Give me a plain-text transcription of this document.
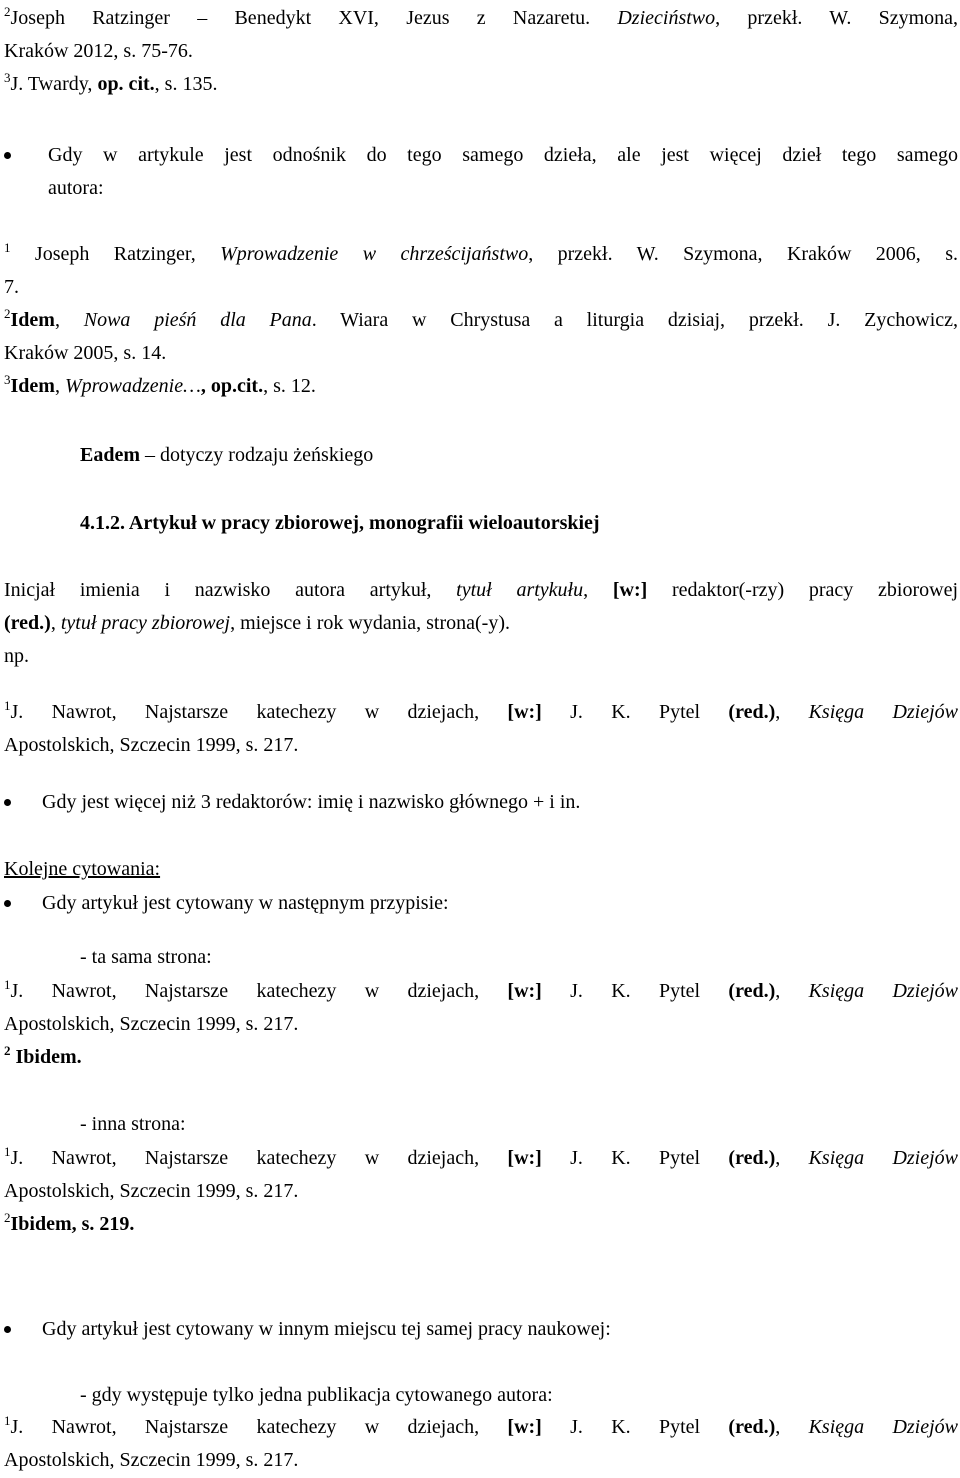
$^2$Joseph Ratzinger – Benedykt XVI, Jezus z Nazaretu. Dzieciństwo, przekł. W. Szymona,

Kraków 2012, s. 75-76.

$^3$J. Twardy, op. cit., s. 135.

Gdy w artykule jest odnośnik do tego samego dzieła, ale jest więcej dzieł tego samego

autora:

$^1$ Joseph Ratzinger, Wprowadzenie w chrześcijaństwo, przekł. W. Szymona, Kraków 2006, s.

7.

$^2$Idem, Nowa pieśń dla Pana. Wiara w Chrystusa a liturgia dzisiaj, przekł. J. Zychowicz,

Kraków 2005, s. 14.

$^3$Idem, Wprowadzenie…, op.cit., s. 12.

Eadem – dotyczy rodzaju żeńskiego

4.1.2. Artykuł w pracy zbiorowej, monografii wieloautorskiej

Inicjał imienia i nazwisko autora artykuł, tytuł artykułu, [w:] redaktor(-rzy) pracy zbiorowej

(red.), tytuł pracy zbiorowej, miejsce i rok wydania, strona(-y).

np.

$^1$J. Nawrot, Najstarsze katechezy w dziejach, [w:] J. K. Pytel (red.), Księga Dziejów

Apostolskich, Szczecin 1999, s. 217.

Gdy jest więcej niż 3 redaktorów: imię i nazwisko głównego + i in.

Kolejne cytowania:

Gdy artykuł jest cytowany w następnym przypisie:

- ta sama strona:

$^1$J. Nawrot, Najstarsze katechezy w dziejach, [w:] J. K. Pytel (red.), Księga Dziejów

Apostolskich, Szczecin 1999, s. 217.

$^2$ Ibidem.

- inna strona:

$^1$J. Nawrot, Najstarsze katechezy w dziejach, [w:] J. K. Pytel (red.), Księga Dziejów

Apostolskich, Szczecin 1999, s. 217.

$^2$Ibidem, s. 219.

Gdy artykuł jest cytowany w innym miejscu tej samej pracy naukowej:

- gdy występuje tylko jedna publikacja cytowanego autora:

$^1$J. Nawrot, Najstarsze katechezy w dziejach, [w:] J. K. Pytel (red.), Księga Dziejów

Apostolskich, Szczecin 1999, s. 217.
